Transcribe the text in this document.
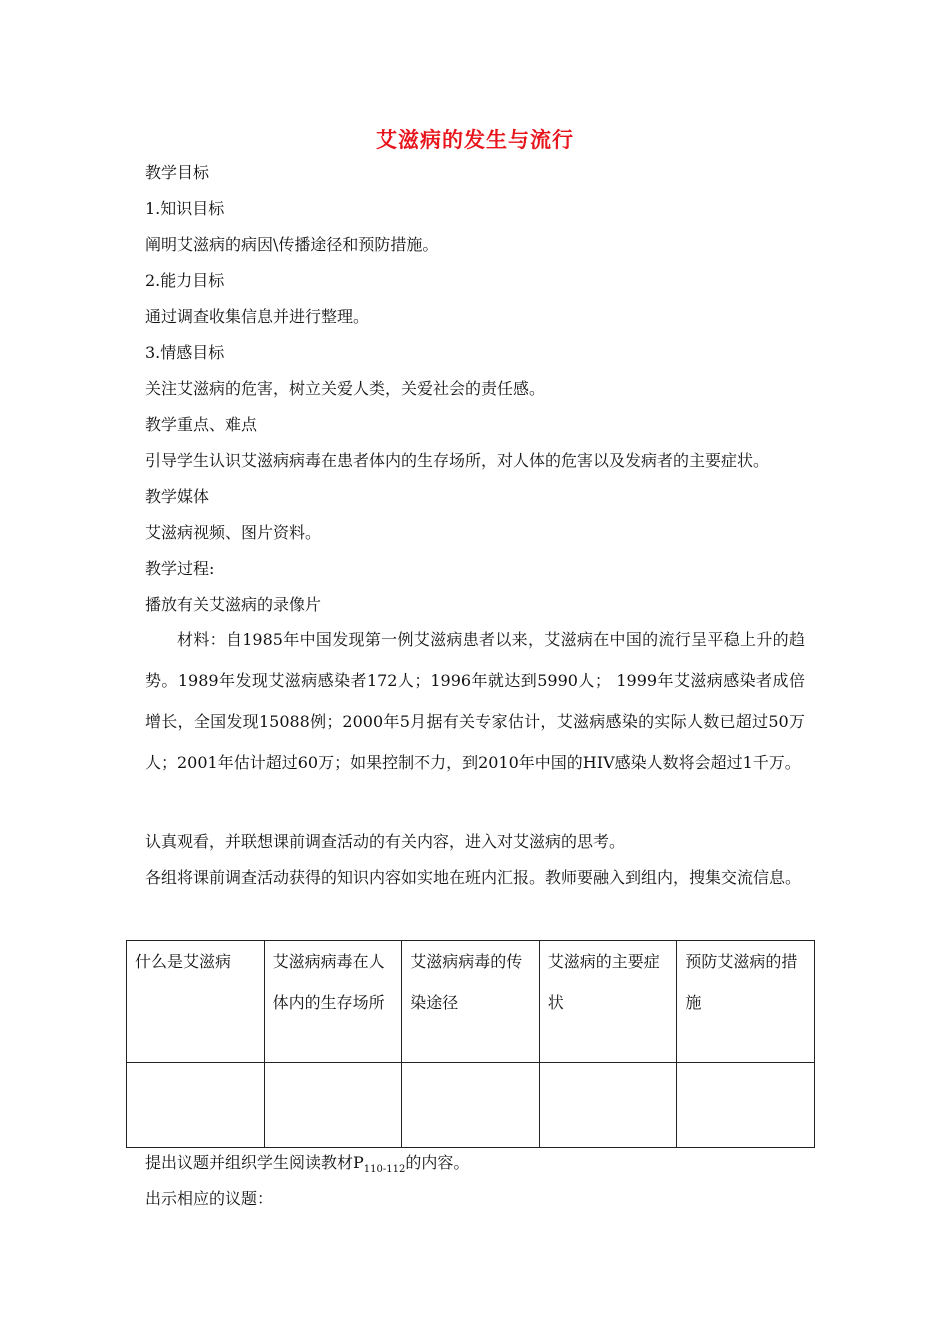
艾滋病的发生与流行
教学目标
1.知识目标
阐明艾滋病的病因\传播途径和预防措施。
2.能力目标
通过调查收集信息并进行整理。
3.情感目标
关注艾滋病的危害，树立关爱人类，关爱社会的责任感。
教学重点、难点
引导学生认识艾滋病病毒在患者体内的生存场所，对人体的危害以及发病者的主要症状。
教学媒体
艾滋病视频、图片资料。
教学过程:
播放有关艾滋病的录像片
材料：自1985年中国发现第一例艾滋病患者以来，艾滋病在中国的流行呈平稳上升的趋势。1989年发现艾滋病感染者172人；1996年就达到5990人； 1999年艾滋病感染者成倍增长，全国发现15088例；2000年5月据有关专家估计，艾滋病感染的实际人数已超过50万人；2001年估计超过60万；如果控制不力，到2010年中国的HIV感染人数将会超过1千万。
认真观看，并联想课前调查活动的有关内容，进入对艾滋病的思考。
各组将课前调查活动获得的知识内容如实地在班内汇报。教师要融入到组内，搜集交流信息。
什么是艾滋病	艾滋病病毒在人体内的生存场所	艾滋病病毒的传染途径	艾滋病的主要症状	预防艾滋病的措施

提出议题并组织学生阅读教材$P_{110-112}$的内容。
出示相应的议题：
